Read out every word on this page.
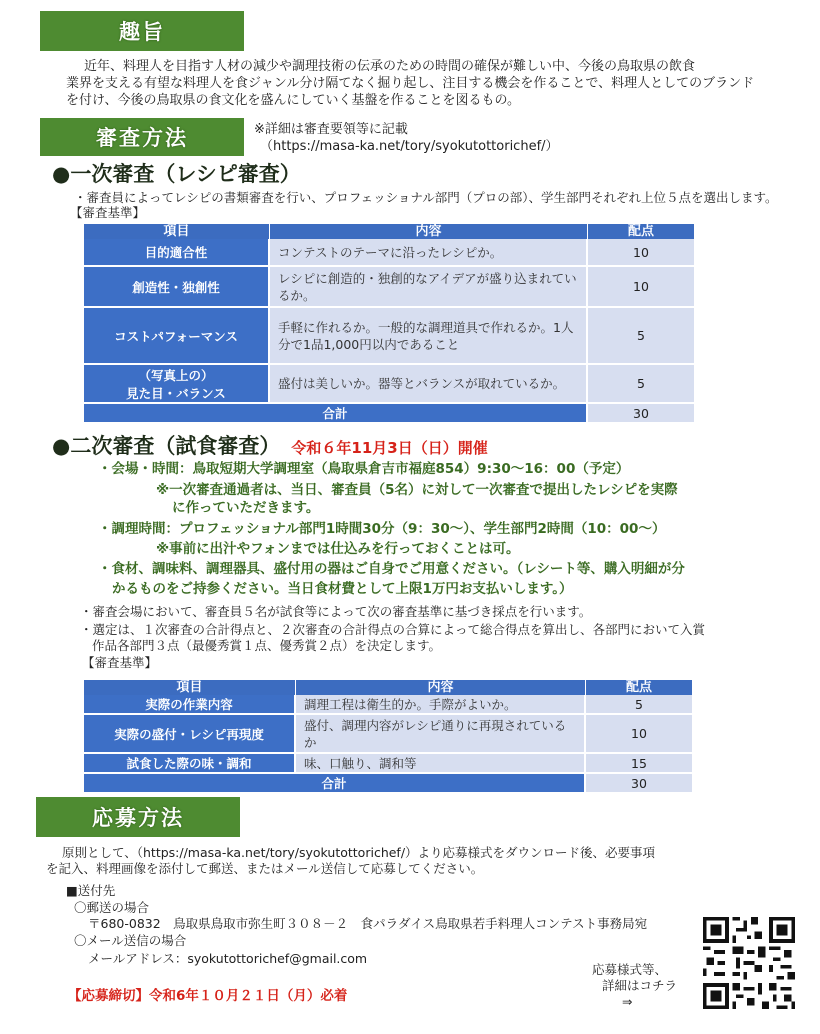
趣旨
近年、料理人を目指す人材の減少や調理技術の伝承のための時間の確保が難しい中、今後の鳥取県の飲食
業界を支える有望な料理人を食ジャンル分け隔てなく掘り起し、注目する機会を作ることで、料理人としてのブランド
を付け、今後の鳥取県の食文化を盛んにしていく基盤を作ることを図るもの。
審査方法	※詳細は審査要領等に記載
（https://masa-ka.net/tory/syokutottorichef/）
●一次審査（レシピ審査）
・審査員によってレシピの書類審査を行い、プロフェッショナル部門（プロの部）、学生部門それぞれ上位５点を選出します。
【審査基準】
項目	内容	配点
目的適合性	コンテストのテーマに沿ったレシピか。	10
創造性・独創性	レシピに創造的・独創的なアイデアが盛り込まれているか。	10
コストパフォーマンス	手軽に作れるか。一般的な調理道具で作れるか。1人分で1品1,000円以内であること	5

（写真上の）
見た目・バランス	盛付は美しいか。器等とバランスが取れているか。	5
合計		30
●二次審査（試食審査） 令和６年11月3日（日）開催
・会場・時間：鳥取短期大学調理室（鳥取県倉吉市福庭854）9:30～16：00（予定）
※一次審査通過者は、当日、審査員（5名）に対して一次審査で提出したレシピを実際
に作っていただきます。
・調理時間：プロフェッショナル部門1時間30分（9：30～）、学生部門2時間（10：00～）
※事前に出汁やフォンまでは仕込みを行っておくことは可。
・食材、調味料、調理器具、盛付用の器はご自身でご用意ください。（レシート等、購入明細が分
かるものをご持参ください。当日食材費として上限1万円お支払いします。）
・審査会場において、審査員５名が試食等によって次の審査基準に基づき採点を行います。
・選定は、１次審査の合計得点と、２次審査の合計得点の合算によって総合得点を算出し、各部門において入賞
作品各部門３点（最優秀賞１点、優秀賞２点）を決定します。
【審査基準】
項目	内容	配点
実際の作業内容	調理工程は衛生的か。手際がよいか。	5
実際の盛付・レシピ再現度	盛付、調理内容がレシピ通りに再現されているか	10
試食した際の味・調和	味、口触り、調和等	15
合計		30
応募方法
原則として、（https://masa-ka.net/tory/syokutottorichef/）より応募様式をダウンロード後、必要事項
を記入、料理画像を添付して郵送、またはメール送信して応募してください。
■送付先
〇郵送の場合
〒680-0832　鳥取県鳥取市弥生町３０８－２　食パラダイス鳥取県若手料理人コンテスト事務局宛
〇メール送信の場合
メールアドレス：syokutottorichef@gmail.com
【応募締切】令和6年１０月２１日（月）必着
応募様式等、
詳細はコチラ
⇒
